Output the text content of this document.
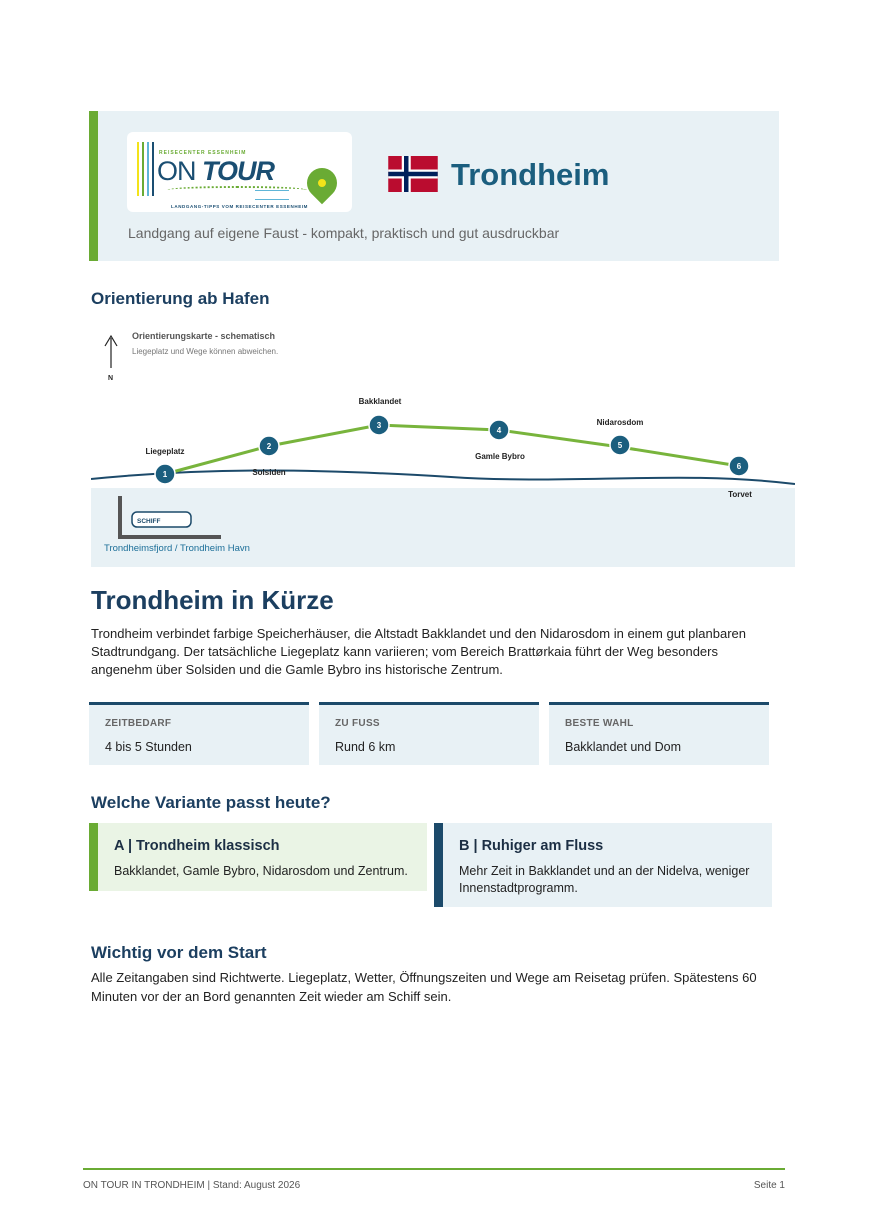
REISECENTER ESSENHEIM
ON TOUR
LANDGANG-TIPPS VOM REISECENTER ESSENHEIM
Trondheim
Landgang auf eigene Faust - kompakt, praktisch und gut ausdruckbar
Orientierung ab Hafen
N
Orientierungskarte - schematisch
Liegeplatz und Wege können abweichen.
1
Liegeplatz
2
Solsiden
3
Bakklandet
4
Gamle Bybro
5
Nidarosdom
6
Torvet
SCHIFF
Trondheimsfjord / Trondheim Havn
Trondheim in Kürze
Trondheim verbindet farbige Speicherhäuser, die Altstadt Bakklandet und den Nidarosdom in einem gut planbaren Stadtrundgang. Der tatsächliche Liegeplatz kann variieren; vom Bereich Brattørkaia führt der Weg besonders angenehm über Solsiden und die Gamle Bybro ins historische Zentrum.
ZEITBEDARF
4 bis 5 Stunden
ZU FUSS
Rund 6 km
BESTE WAHL
Bakklandet und Dom
Welche Variante passt heute?
A | Trondheim klassisch
Bakklandet, Gamle Bybro, Nidarosdom und Zentrum.
B | Ruhiger am Fluss
Mehr Zeit in Bakklandet und an der Nidelva, weniger Innenstadtprogramm.
Wichtig vor dem Start
Alle Zeitangaben sind Richtwerte. Liegeplatz, Wetter, Öffnungszeiten und Wege am Reisetag prüfen. Spätestens 60 Minuten vor der an Bord genannten Zeit wieder am Schiff sein.
ON TOUR IN TRONDHEIM | Stand: August 2026	Seite 1
